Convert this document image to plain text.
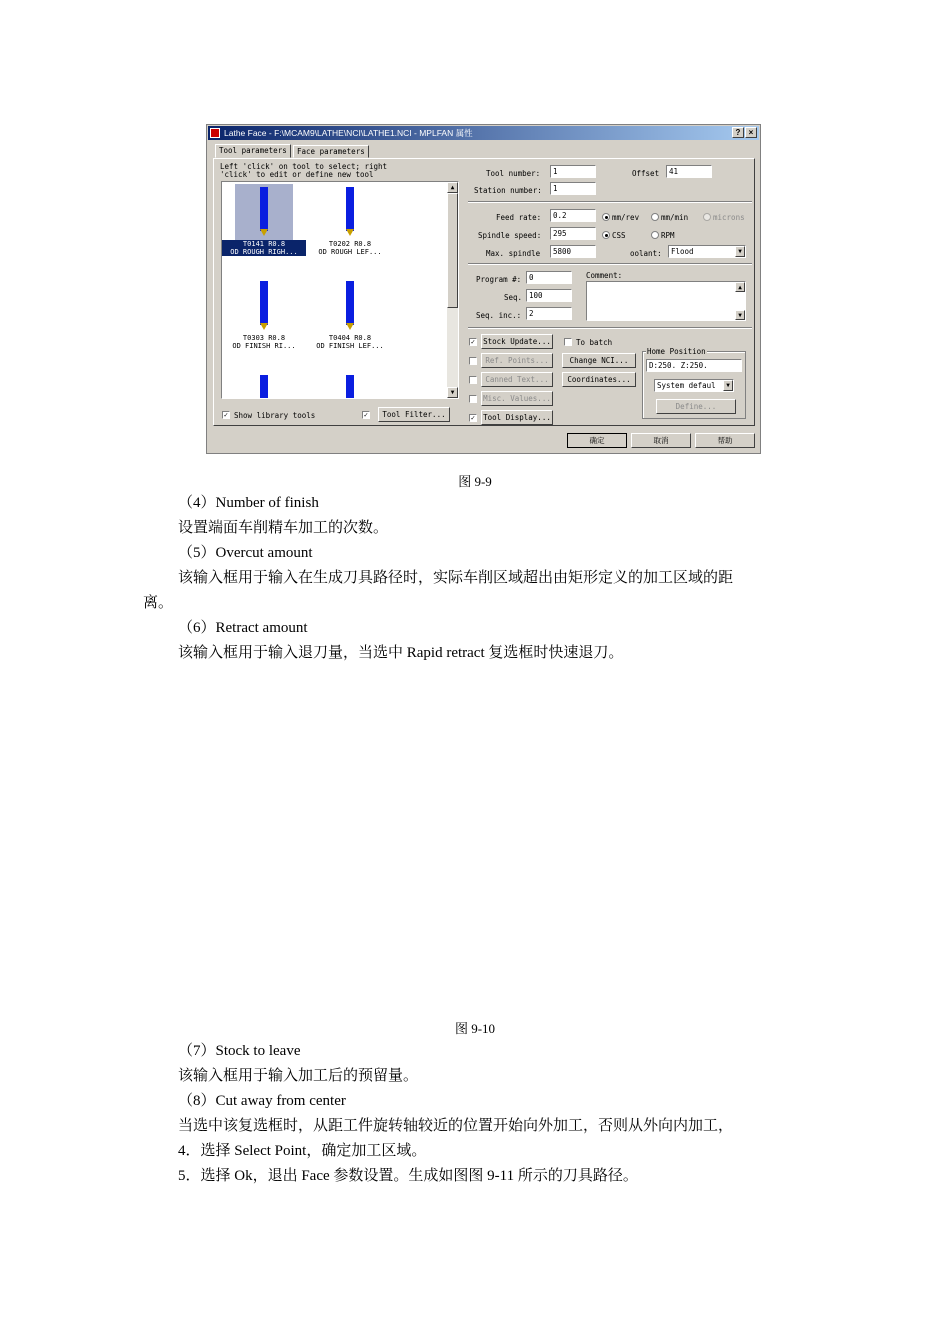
Lathe Face - F:\MCAM9\LATHE\NCI\LATHE1.NCI - MPLFAN 属性	?	×
Tool parameters	Face parameters
Left 'click' on tool to select; right
'click' to edit or define new tool
T0141 R0.8
OD ROUGH RIGH...
T0202 R0.8
OD ROUGH LEF...
T0303 R0.8
OD FINISH RI...
T0404 R0.8
OD FINISH LEF...
▲
▼
✓ Show library tools	✓	Tool Filter...
Tool number:	1	Offset	41
Station number:	1
Feed rate:	0.2	mm/rev	mm/min	microns
Spindle speed:	295	CSS	RPM
Max. spindle	5800	oolant:	Flood	▼
Program #:	0
Seq. 100
Seq. inc.:	2
Comment:
▲
▼
✓ Stock Update...	To batch
Ref. Points...	Change NCI...
Canned Text...	Coordinates...
Misc. Values...
✓ Tool Display...
Home Position
D:250. Z:250.
System defaul	▼
Define...
确定	取消	帮助
图 9-9
（4）Number of finish
设置端面车削精车加工的次数。
（5）Overcut amount
该输入框用于输入在生成刀具路径时，实际车削区域超出由矩形定义的加工区域的距
离。
（6）Retract amount
该输入框用于输入退刀量，当选中 Rapid retract 复选框时快速退刀。
图 9-10
（7）Stock to leave
该输入框用于输入加工后的预留量。
（8）Cut away from center
当选中该复选框时，从距工件旋转轴较近的位置开始向外加工，否则从外向内加工，
4．选择 Select Point，确定加工区域。
5．选择 Ok，退出 Face 参数设置。生成如图图 9-11 所示的刀具路径。
